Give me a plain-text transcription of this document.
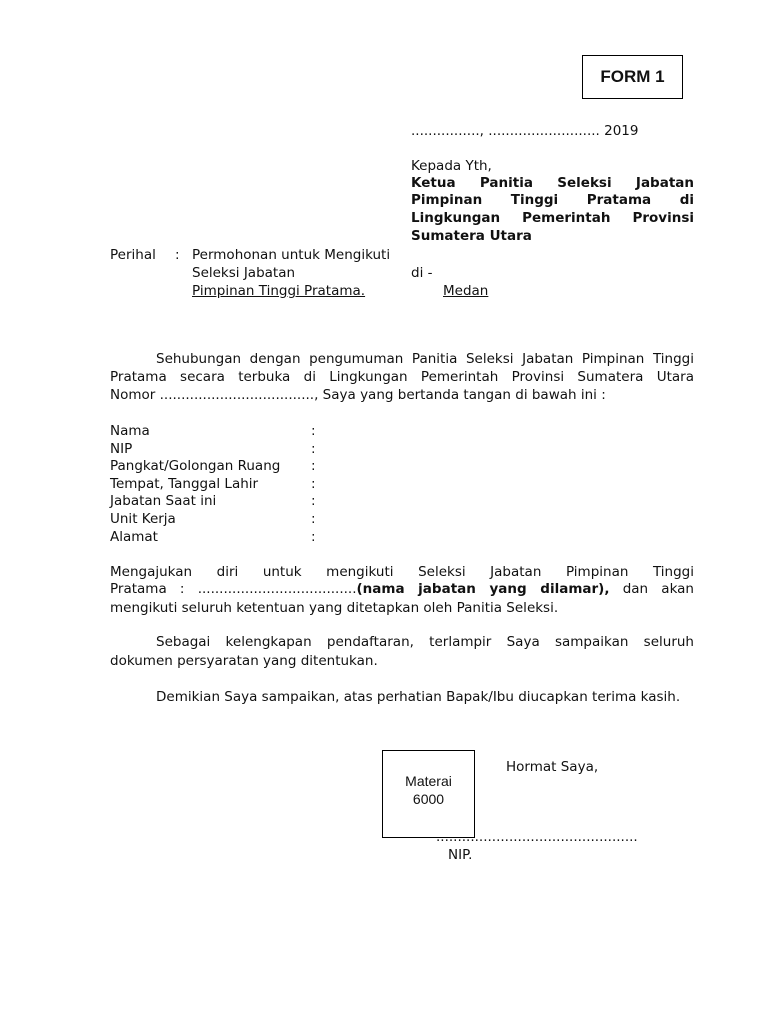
FORM 1
................, .......................... 2019
Kepada Yth,
Ketua Panitia Seleksi Jabatan
Pimpinan Tinggi Pratama di
Lingkungan Pemerintah Provinsi
Sumatera Utara
Perihal : Permohonan untuk Mengikuti
Seleksi Jabatan
Pimpinan Tinggi Pratama.
di -
Medan
Sehubungan dengan pengumuman Panitia Seleksi Jabatan Pimpinan Tinggi
Pratama secara terbuka di Lingkungan Pemerintah Provinsi Sumatera Utara
Nomor ...................................., Saya yang bertanda tangan di bawah ini :
Nama	:
NIP	:
Pangkat/Golongan Ruang :
Tempat, Tanggal Lahir	:
Jabatan Saat ini	:
Unit Kerja	:
Alamat	:
Mengajukan diri untuk mengikuti Seleksi Jabatan Pimpinan Tinggi
Pratama : .....................................(nama jabatan yang dilamar), dan akan
mengikuti seluruh ketentuan yang ditetapkan oleh Panitia Seleksi.
Sebagai kelengkapan pendaftaran, terlampir Saya sampaikan seluruh
dokumen persyaratan yang ditentukan.
Demikian Saya sampaikan, atas perhatian Bapak/Ibu diucapkan terima kasih.
Hormat Saya,
Materai
6000
...............................................
NIP.
